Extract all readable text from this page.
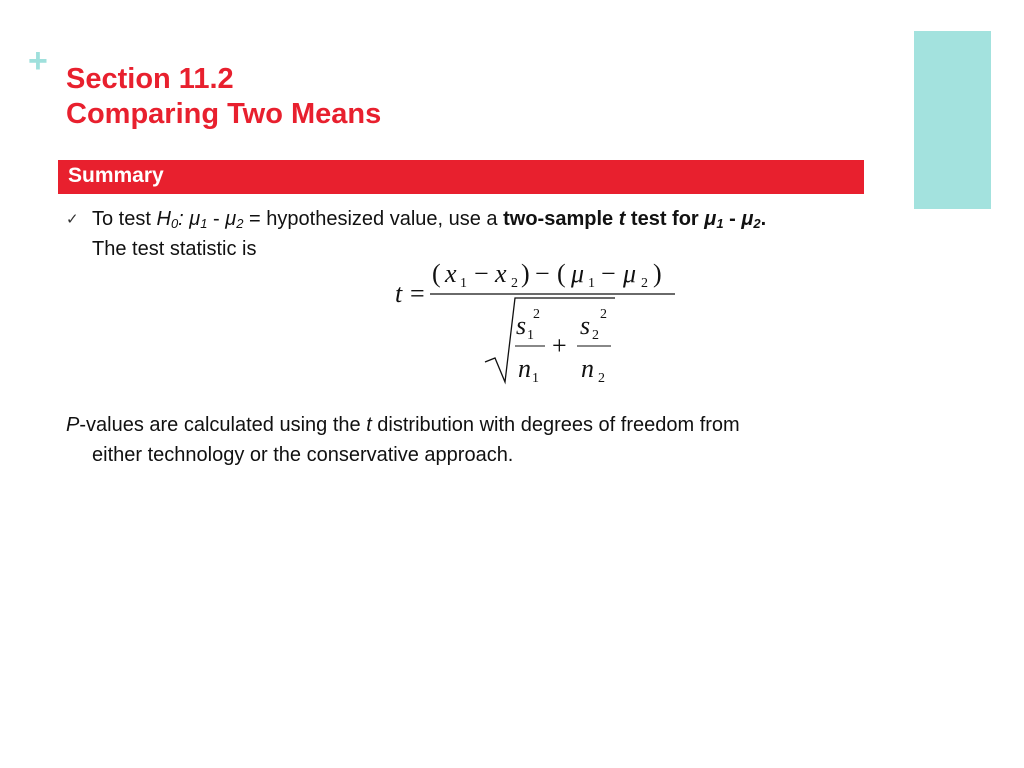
+ Section 11.2
Comparing Two Means
Summary
✓ To test $H_0$: $\mu_1 - \mu_2$ = hypothesized value, use a two-sample t test for $\mu_1 - \mu_2$.
The test statistic is
t =
( x 1 − x 2 ) − ( μ 1 − μ 2 )
s 1
2
n 1
+
s 2
2
n 2
P-values are calculated using the t distribution with degrees of freedom from
either technology or the conservative approach.
